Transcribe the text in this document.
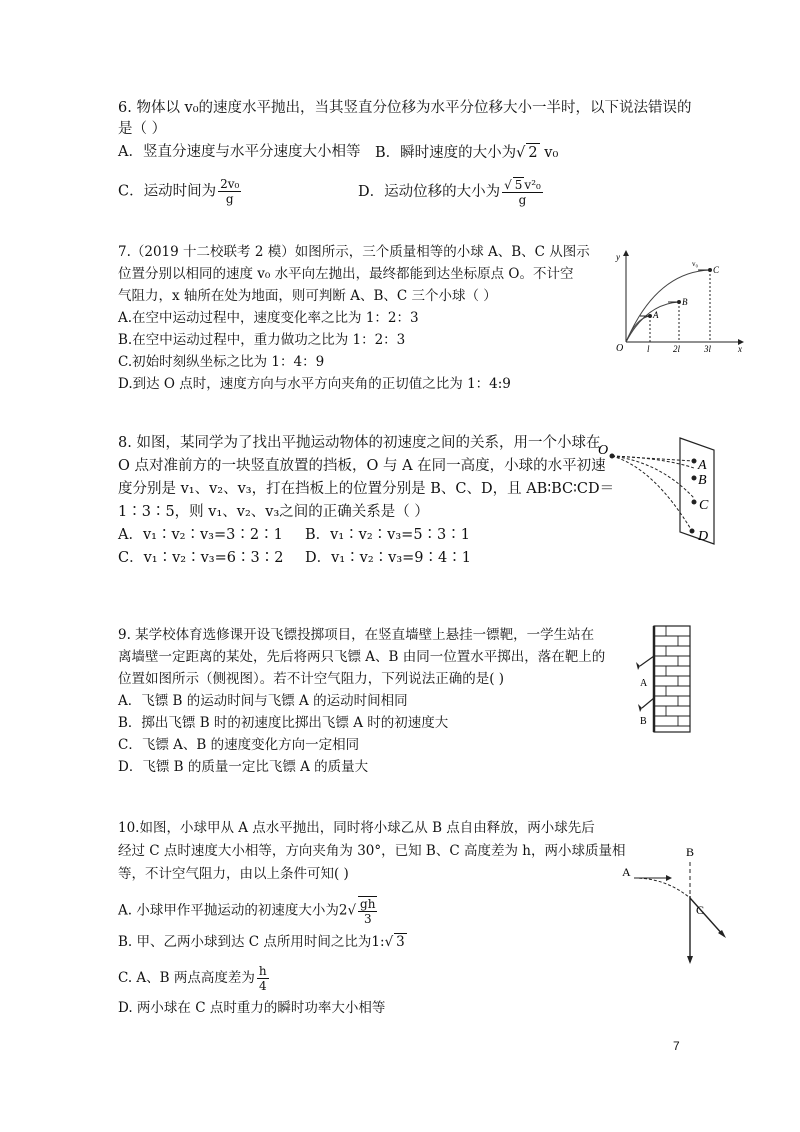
6. 物体以 v₀的速度水平抛出，当其竖直分位移为水平分位移大小一半时，以下说法错误的
是（ ）
A．竖直分速度与水平分速度大小相等 B．瞬时速度的大小为√ 2 v₀
C．运动时间为 $\frac{\text{2v₀}}{g}$	D．运动位移的大小为 $\frac{\text{√ 5 v²₀}}{g}$
7.（2019 十二校联考 2 模）如图所示，三个质量相等的小球 A、B、C 从图示
位置分别以相同的速度 v₀ 水平向左抛出，最终都能到达坐标原点 O。不计空
气阻力，x 轴所在处为地面，则可判断 A、B、C 三个小球（ ）
A.在空中运动过程中，速度变化率之比为 1：2：3
B.在空中运动过程中，重力做功之比为 1：2：3
C.初始时刻纵坐标之比为 1：4：9
D.到达 O 点时，速度方向与水平方向夹角的正切值之比为 1：4:9
y
x
O	l	2l	3l
A
B
C
v₀
8. 如图，某同学为了找出平抛运动物体的初速度之间的关系，用一个小球在
O 点对准前方的一块竖直放置的挡板，O 与 A 在同一高度，小球的水平初速
度分别是 v₁、v₂、v₃，打在挡板上的位置分别是 B、C、D，且 AB∶BC∶CD＝
1∶3∶5，则 v₁、v₂、v₃之间的正确关系是（ ）
A．v₁∶v₂∶v₃=3∶2∶1 B．v₁∶v₂∶v₃=5∶3∶1
C．v₁∶v₂∶v₃=6∶3∶2 D．v₁∶v₂∶v₃=9∶4∶1
O
A
B
C
D
9. 某学校体育选修课开设飞镖投掷项目，在竖直墙壁上悬挂一镖靶，一学生站在
离墙壁一定距离的某处，先后将两只飞镖 A、B 由同一位置水平掷出，落在靶上的
位置如图所示（侧视图）。若不计空气阻力，下列说法正确的是( )
A．飞镖 B 的运动时间与飞镖 A 的运动时间相同
B．掷出飞镖 B 时的初速度比掷出飞镖 A 时的初速度大
C．飞镖 A、B 的速度变化方向一定相同
D．飞镖 B 的质量一定比飞镖 A 的质量大
A
B
10.如图，小球甲从 A 点水平抛出，同时将小球乙从 B 点自由释放，两小球先后
经过 C 点时速度大小相等，方向夹角为 30°，已知 B、C 高度差为 h，两小球质量相
等，不计空气阻力，由以上条件可知( )
A. 小球甲作平抛运动的初速度大小为$2√ \frac{gh}{3}$
B. 甲、乙两小球到达 C 点所用时间之比为1:√ 3
C. A、B 两点高度差为 $\frac{h}{4}$
D. 两小球在 C 点时重力的瞬时功率大小相等
B
A
C
7
